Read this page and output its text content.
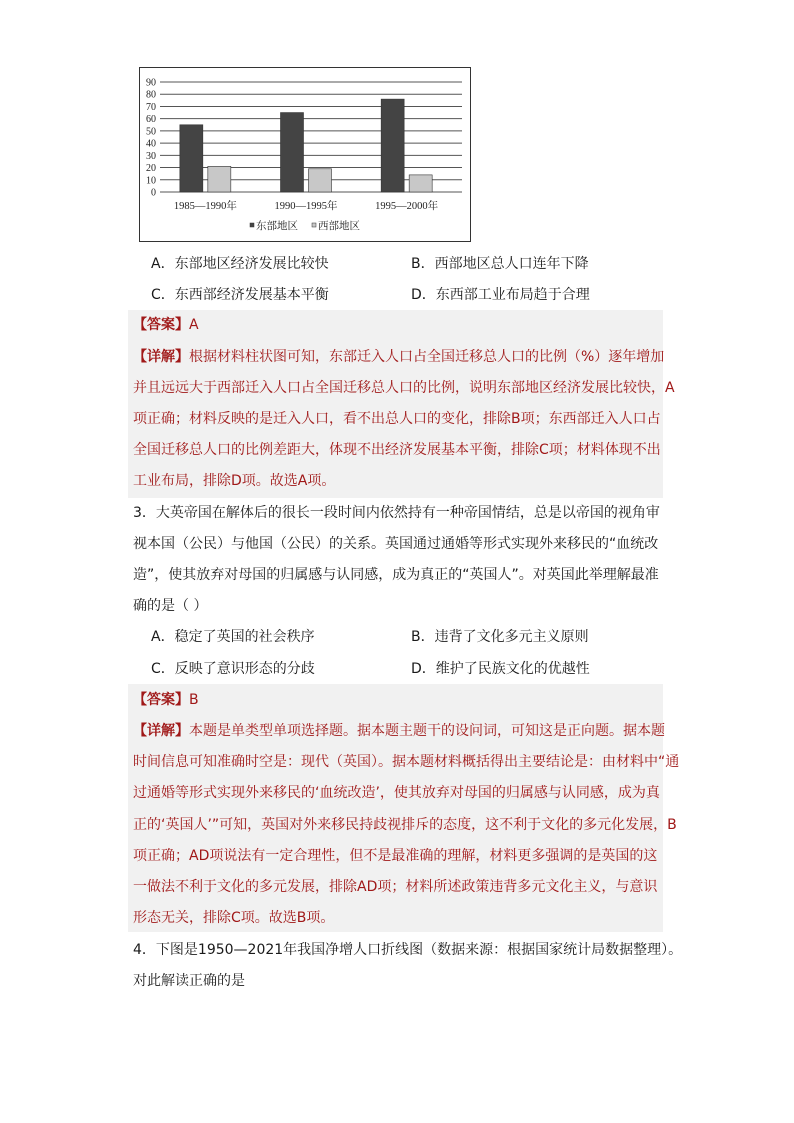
0
10
20
30
40
50
60
70
80
90
1985—1990年	1990—1995年	1995—2000年
东部地区 西部地区
A．东部地区经济发展比较快	B．西部地区总人口连年下降
C．东西部经济发展基本平衡	D．东西部工业布局趋于合理
【答案】A
【详解】根据材料柱状图可知，东部迁入人口占全国迁移总人口的比例（%）逐年增加
并且远远大于西部迁入人口占全国迁移总人口的比例，说明东部地区经济发展比较快，A
项正确；材料反映的是迁入人口，看不出总人口的变化，排除B项；东西部迁入人口占
全国迁移总人口的比例差距大，体现不出经济发展基本平衡，排除C项；材料体现不出
工业布局，排除D项。故选A项。
3．大英帝国在解体后的很长一段时间内依然持有一种帝国情结，总是以帝国的视角审
视本国（公民）与他国（公民）的关系。英国通过通婚等形式实现外来移民的“血统改
造”，使其放弃对母国的归属感与认同感，成为真正的“英国人”。对英国此举理解最准
确的是（ ）
A．稳定了英国的社会秩序	B．违背了文化多元主义原则
C．反映了意识形态的分歧	D．维护了民族文化的优越性
【答案】B
【详解】本题是单类型单项选择题。据本题主题干的设问词，可知这是正向题。据本题
时间信息可知准确时空是：现代（英国）。据本题材料概括得出主要结论是：由材料中“通
过通婚等形式实现外来移民的‘血统改造’，使其放弃对母国的归属感与认同感，成为真
正的‘英国人’”可知，英国对外来移民持歧视排斥的态度，这不利于文化的多元化发展，B
项正确；AD项说法有一定合理性，但不是最准确的理解，材料更多强调的是英国的这
一做法不利于文化的多元发展，排除AD项；材料所述政策违背多元文化主义，与意识
形态无关，排除C项。故选B项。
4．下图是1950—2021年我国净增人口折线图（数据来源：根据国家统计局数据整理）。
对此解读正确的是
